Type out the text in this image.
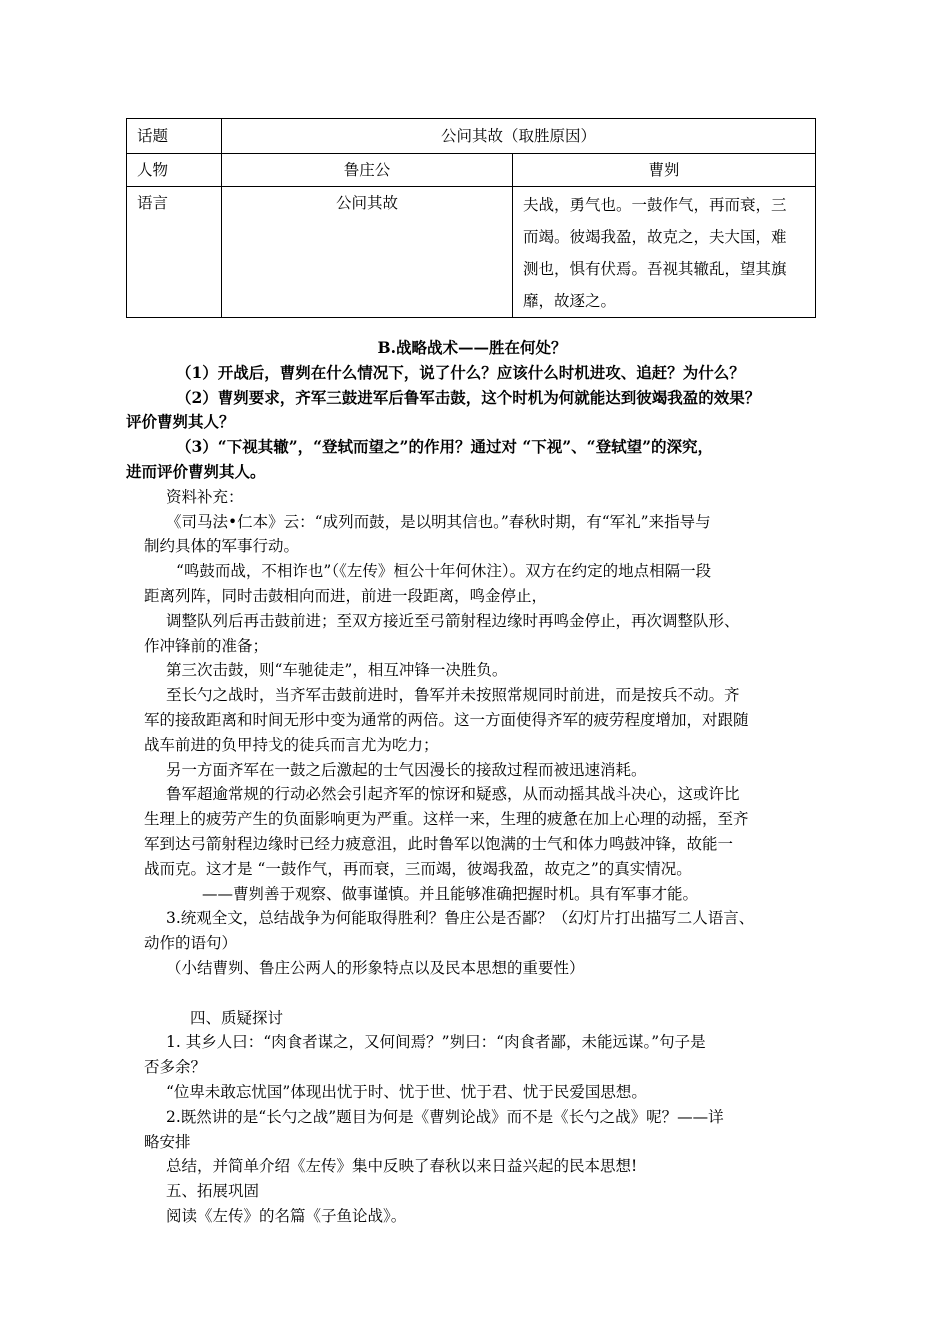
话题	公问其故（取胜原因）	
人物	鲁庄公	曹刿
语言	公问其故	夫战，勇气也。一鼓作气，再而衰，三
而竭。彼竭我盈，故克之，夫大国，难
测也，惧有伏焉。吾视其辙乱，望其旗
靡，故逐之。
B.战略战术——胜在何处？
（1）开战后，曹刿在什么情况下，说了什么？应该什么时机进攻、追赶？为什么？
（2）曹刿要求，齐军三鼓进军后鲁军击鼓，这个时机为何就能达到彼竭我盈的效果？
评价曹刿其人？
（3）“下视其辙”，“登轼而望之”的作用？通过对 “下视”、“登轼望”的深究，
进而评价曹刿其人。
资料补充：
《司马法•仁本》云：“成列而鼓，是以明其信也。”春秋时期，有“军礼”来指导与
制约具体的军事行动。
“鸣鼓而战，不相诈也”（《左传》桓公十年何休注）。双方在约定的地点相隔一段
距离列阵，同时击鼓相向而进，前进一段距离，鸣金停止，
调整队列后再击鼓前进；至双方接近至弓箭射程边缘时再鸣金停止，再次调整队形、
作冲锋前的准备；
第三次击鼓，则“车驰徒走”，相互冲锋一决胜负。
至长勺之战时，当齐军击鼓前进时，鲁军并未按照常规同时前进，而是按兵不动。齐
军的接敌距离和时间无形中变为通常的两倍。这一方面使得齐军的疲劳程度增加，对跟随
战车前进的负甲持戈的徒兵而言尤为吃力；
另一方面齐军在一鼓之后激起的士气因漫长的接敌过程而被迅速消耗。
鲁军超逾常规的行动必然会引起齐军的惊讶和疑惑，从而动摇其战斗决心，这或许比
生理上的疲劳产生的负面影响更为严重。这样一来，生理的疲惫在加上心理的动摇，至齐
军到达弓箭射程边缘时已经力疲意沮，此时鲁军以饱满的士气和体力鸣鼓冲锋，故能一
战而克。这才是 “一鼓作气，再而衰，三而竭，彼竭我盈，故克之”的真实情况。
——曹刿善于观察、做事谨慎。并且能够准确把握时机。具有军事才能。
3.统观全文，总结战争为何能取得胜利？鲁庄公是否鄙？（幻灯片打出描写二人语言、
动作的语句）
（小结曹刿、鲁庄公两人的形象特点以及民本思想的重要性）
四、质疑探讨
1. 其乡人曰：“肉食者谋之，又何间焉？”刿曰：“肉食者鄙，未能远谋。”句子是
否多余？
“位卑未敢忘忧国”体现出忧于时、忧于世、忧于君、忧于民爱国思想。
2.既然讲的是“长勺之战”题目为何是《曹刿论战》而不是《长勺之战》呢？——详
略安排
总结，并简单介绍《左传》集中反映了春秋以来日益兴起的民本思想!
五、拓展巩固
阅读《左传》的名篇《子鱼论战》。
